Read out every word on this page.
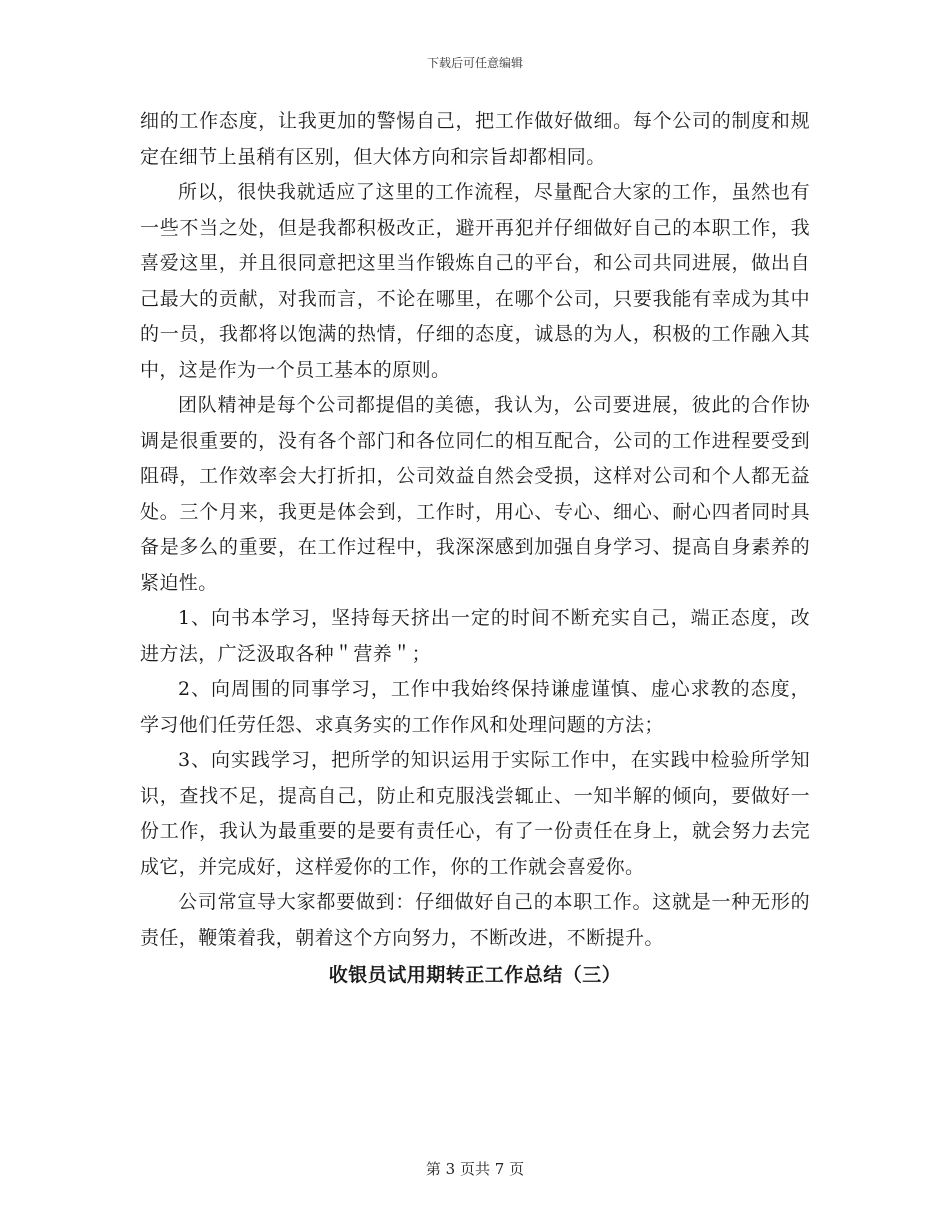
下载后可任意编辑

细的工作态度，让我更加的警惕自己，把工作做好做细。每个公司的制度和规定在细节上虽稍有区别，但大体方向和宗旨却都相同。

所以，很快我就适应了这里的工作流程，尽量配合大家的工作，虽然也有一些不当之处，但是我都积极改正，避开再犯并仔细做好自己的本职工作，我喜爱这里，并且很同意把这里当作锻炼自己的平台，和公司共同进展，做出自己最大的贡献，对我而言，不论在哪里，在哪个公司，只要我能有幸成为其中的一员，我都将以饱满的热情，仔细的态度，诚恳的为人，积极的工作融入其中，这是作为一个员工基本的原则。

团队精神是每个公司都提倡的美德，我认为，公司要进展，彼此的合作协调是很重要的，没有各个部门和各位同仁的相互配合，公司的工作进程要受到阻碍，工作效率会大打折扣，公司效益自然会受损，这样对公司和个人都无益处。三个月来，我更是体会到，工作时，用心、专心、细心、耐心四者同时具备是多么的重要，在工作过程中，我深深感到加强自身学习、提高自身素养的紧迫性。

1、向书本学习，坚持每天挤出一定的时间不断充实自己，端正态度，改进方法，广泛汲取各种＂营养＂；

2、向周围的同事学习，工作中我始终保持谦虚谨慎、虚心求教的态度，学习他们任劳任怨、求真务实的工作作风和处理问题的方法；

3、向实践学习，把所学的知识运用于实际工作中，在实践中检验所学知识，查找不足，提高自己，防止和克服浅尝辄止、一知半解的倾向，要做好一份工作，我认为最重要的是要有责任心，有了一份责任在身上，就会努力去完成它，并完成好，这样爱你的工作，你的工作就会喜爱你。

公司常宣导大家都要做到：仔细做好自己的本职工作。这就是一种无形的责任，鞭策着我，朝着这个方向努力，不断改进，不断提升。

收银员试用期转正工作总结（三）

第 3 页共 7 页
